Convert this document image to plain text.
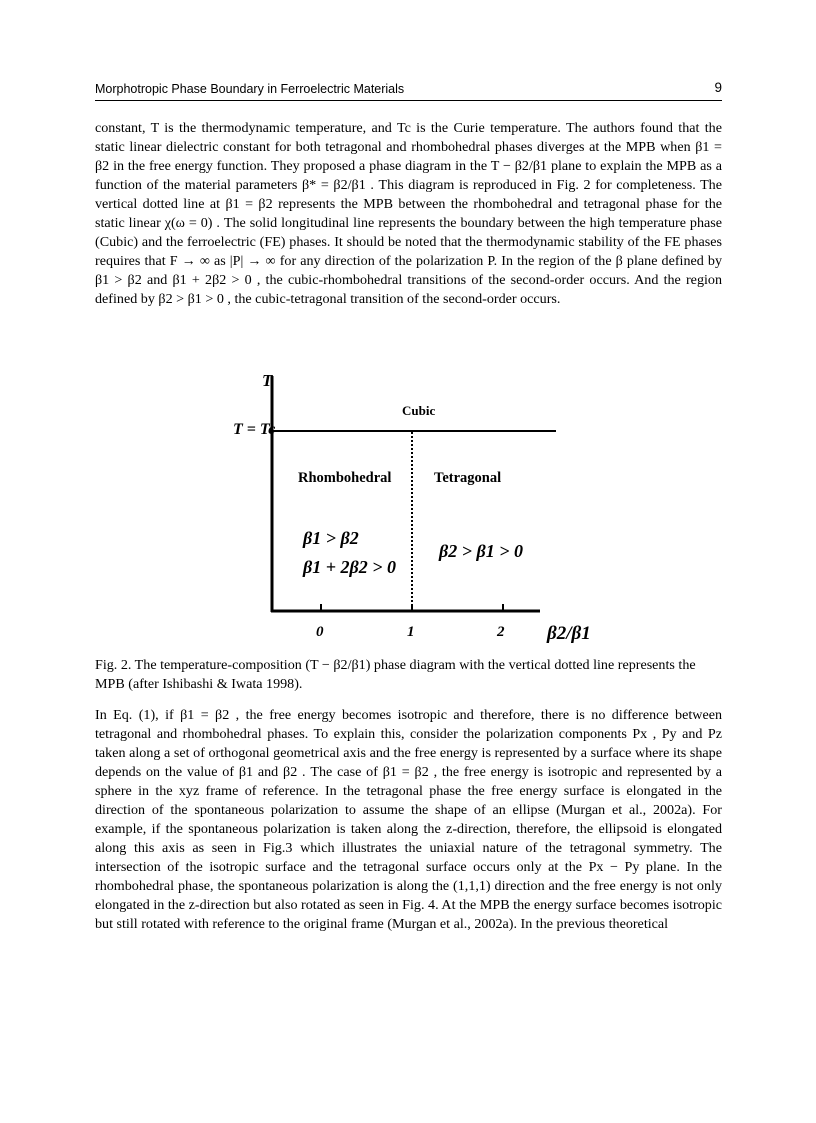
Morphotropic Phase Boundary in Ferroelectric Materials	9

constant, T is the thermodynamic temperature, and Tc is the Curie temperature. The authors found that the static linear dielectric constant for both tetragonal and rhombohedral phases diverges at the MPB when β1 = β2 in the free energy function. They proposed a phase diagram in the T − β2/β1 plane to explain the MPB as a function of the material parameters β* = β2/β1 . This diagram is reproduced in Fig. 2 for completeness. The vertical dotted line at β1 = β2 represents the MPB between the rhombohedral and tetragonal phase for the static linear χ(ω = 0) . The solid longitudinal line represents the boundary between the high temperature phase (Cubic) and the ferroelectric (FE) phases. It should be noted that the thermodynamic stability of the FE phases requires that F → ∞ as |P| → ∞ for any direction of the polarization P. In the region of the β plane defined by β1 > β2 and β1 + 2β2 > 0 , the cubic-rhombohedral transitions of the second-order occurs. And the region defined by β2 > β1 > 0 , the cubic-tetragonal transition of the second-order occurs.

T
T = Tc
Cubic
Rhombohedral	Tetragonal
β1 > β2
β1 + 2β2 > 0
β2 > β1 > 0
0	1	2 β2/β1

Fig. 2. The temperature-composition (T − β2/β1) phase diagram with the vertical dotted line represents the MPB (after Ishibashi & Iwata 1998).

In Eq. (1), if β1 = β2 , the free energy becomes isotropic and therefore, there is no difference between tetragonal and rhombohedral phases. To explain this, consider the polarization components Px , Py and Pz taken along a set of orthogonal geometrical axis and the free energy is represented by a surface where its shape depends on the value of β1 and β2 . The case of β1 = β2 , the free energy is isotropic and represented by a sphere in the xyz frame of reference. In the tetragonal phase the free energy surface is elongated in the direction of the spontaneous polarization to assume the shape of an ellipse (Murgan et al., 2002a). For example, if the spontaneous polarization is taken along the z-direction, therefore, the ellipsoid is elongated along this axis as seen in Fig.3 which illustrates the uniaxial nature of the tetragonal symmetry. The intersection of the isotropic surface and the tetragonal surface occurs only at the Px − Py plane. In the rhombohedral phase, the spontaneous polarization is along the (1,1,1) direction and the free energy is not only elongated in the z-direction but also rotated as seen in Fig. 4. At the MPB the energy surface becomes isotropic but still rotated with reference to the original frame (Murgan et al., 2002a). In the previous theoretical
